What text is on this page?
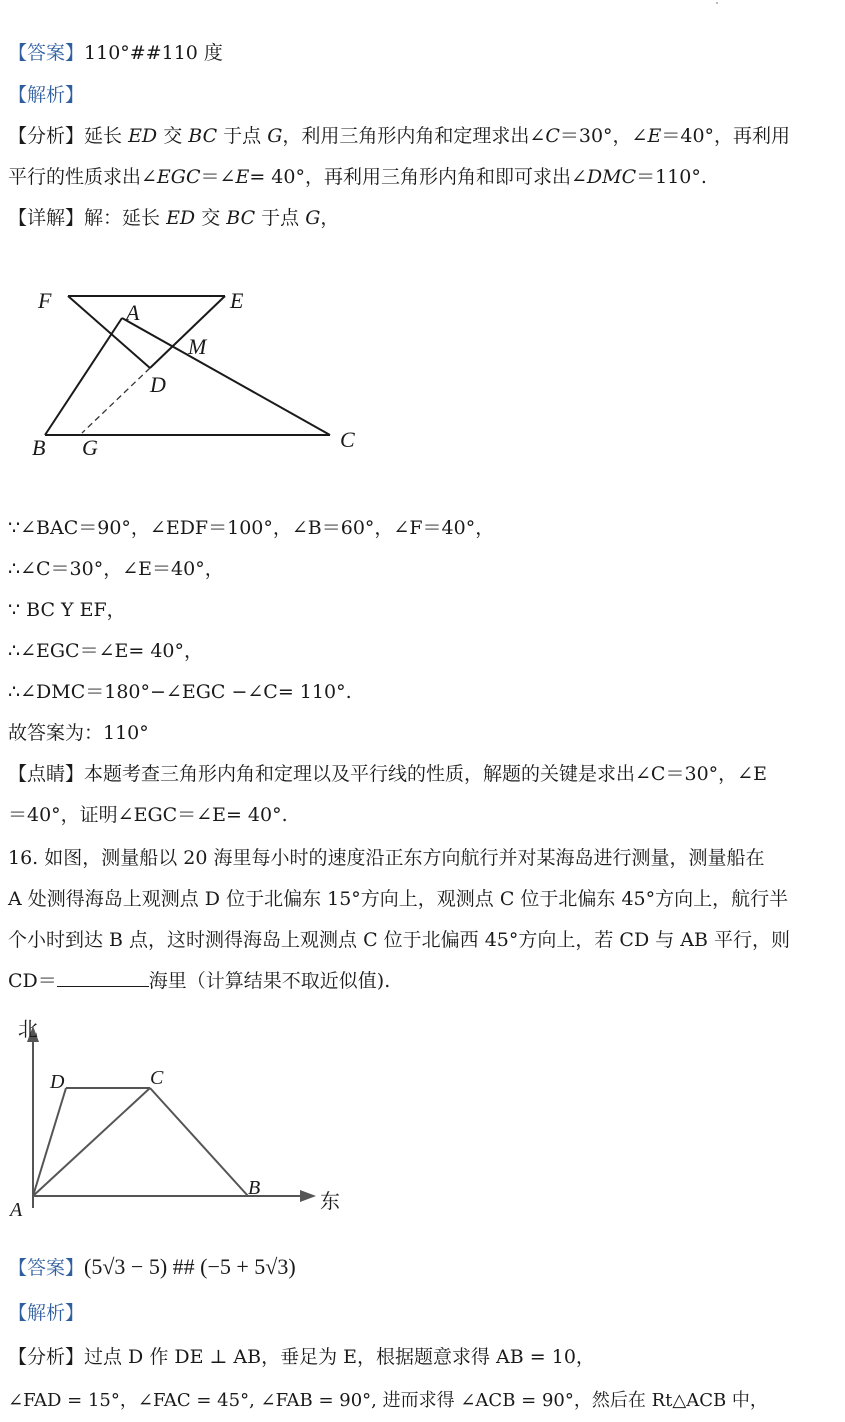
【答案】110°##110 度
【解析】
【分析】延长 ED 交 BC 于点 G，利用三角形内角和定理求出∠C＝30°，∠E＝40°，再利用
平行的性质求出∠EGC＝∠E= 40°，再利用三角形内角和即可求出∠DMC＝110°.
【详解】解：延长 ED 交 BC 于点 G，
F	A	E
M
D
B G	C
∵∠BAC＝90°，∠EDF＝100°，∠B＝60°，∠F＝40°，
∴∠C＝30°，∠E＝40°，
∵ BC Y EF，
∴∠EGC＝∠E= 40°，
∴∠DMC＝180°−∠EGC −∠C= 110°.
故答案为：110°
【点睛】本题考查三角形内角和定理以及平行线的性质，解题的关键是求出∠C＝30°，∠E
＝40°，证明∠EGC＝∠E= 40°.
16. 如图，测量船以 20 海里每小时的速度沿正东方向航行并对某海岛进行测量，测量船在
A 处测得海岛上观测点 D 位于北偏东 15°方向上，观测点 C 位于北偏东 45°方向上，航行半
个小时到达 B 点，这时测得海岛上观测点 C 位于北偏西 45°方向上，若 CD 与 AB 平行，则
CD＝	海里（计算结果不取近似值).
北
东
A
B
C
D
【答案】(5√3 − 5) ## (−5 + 5√3)
【解析】
【分析】过点 D 作 DE ⊥ AB，垂足为 E，根据题意求得 AB = 10，
∠FAD = 15°，∠FAC = 45°, ∠FAB = 90°, 进而求得 ∠ACB = 90°，然后在 Rt△ACB 中，
